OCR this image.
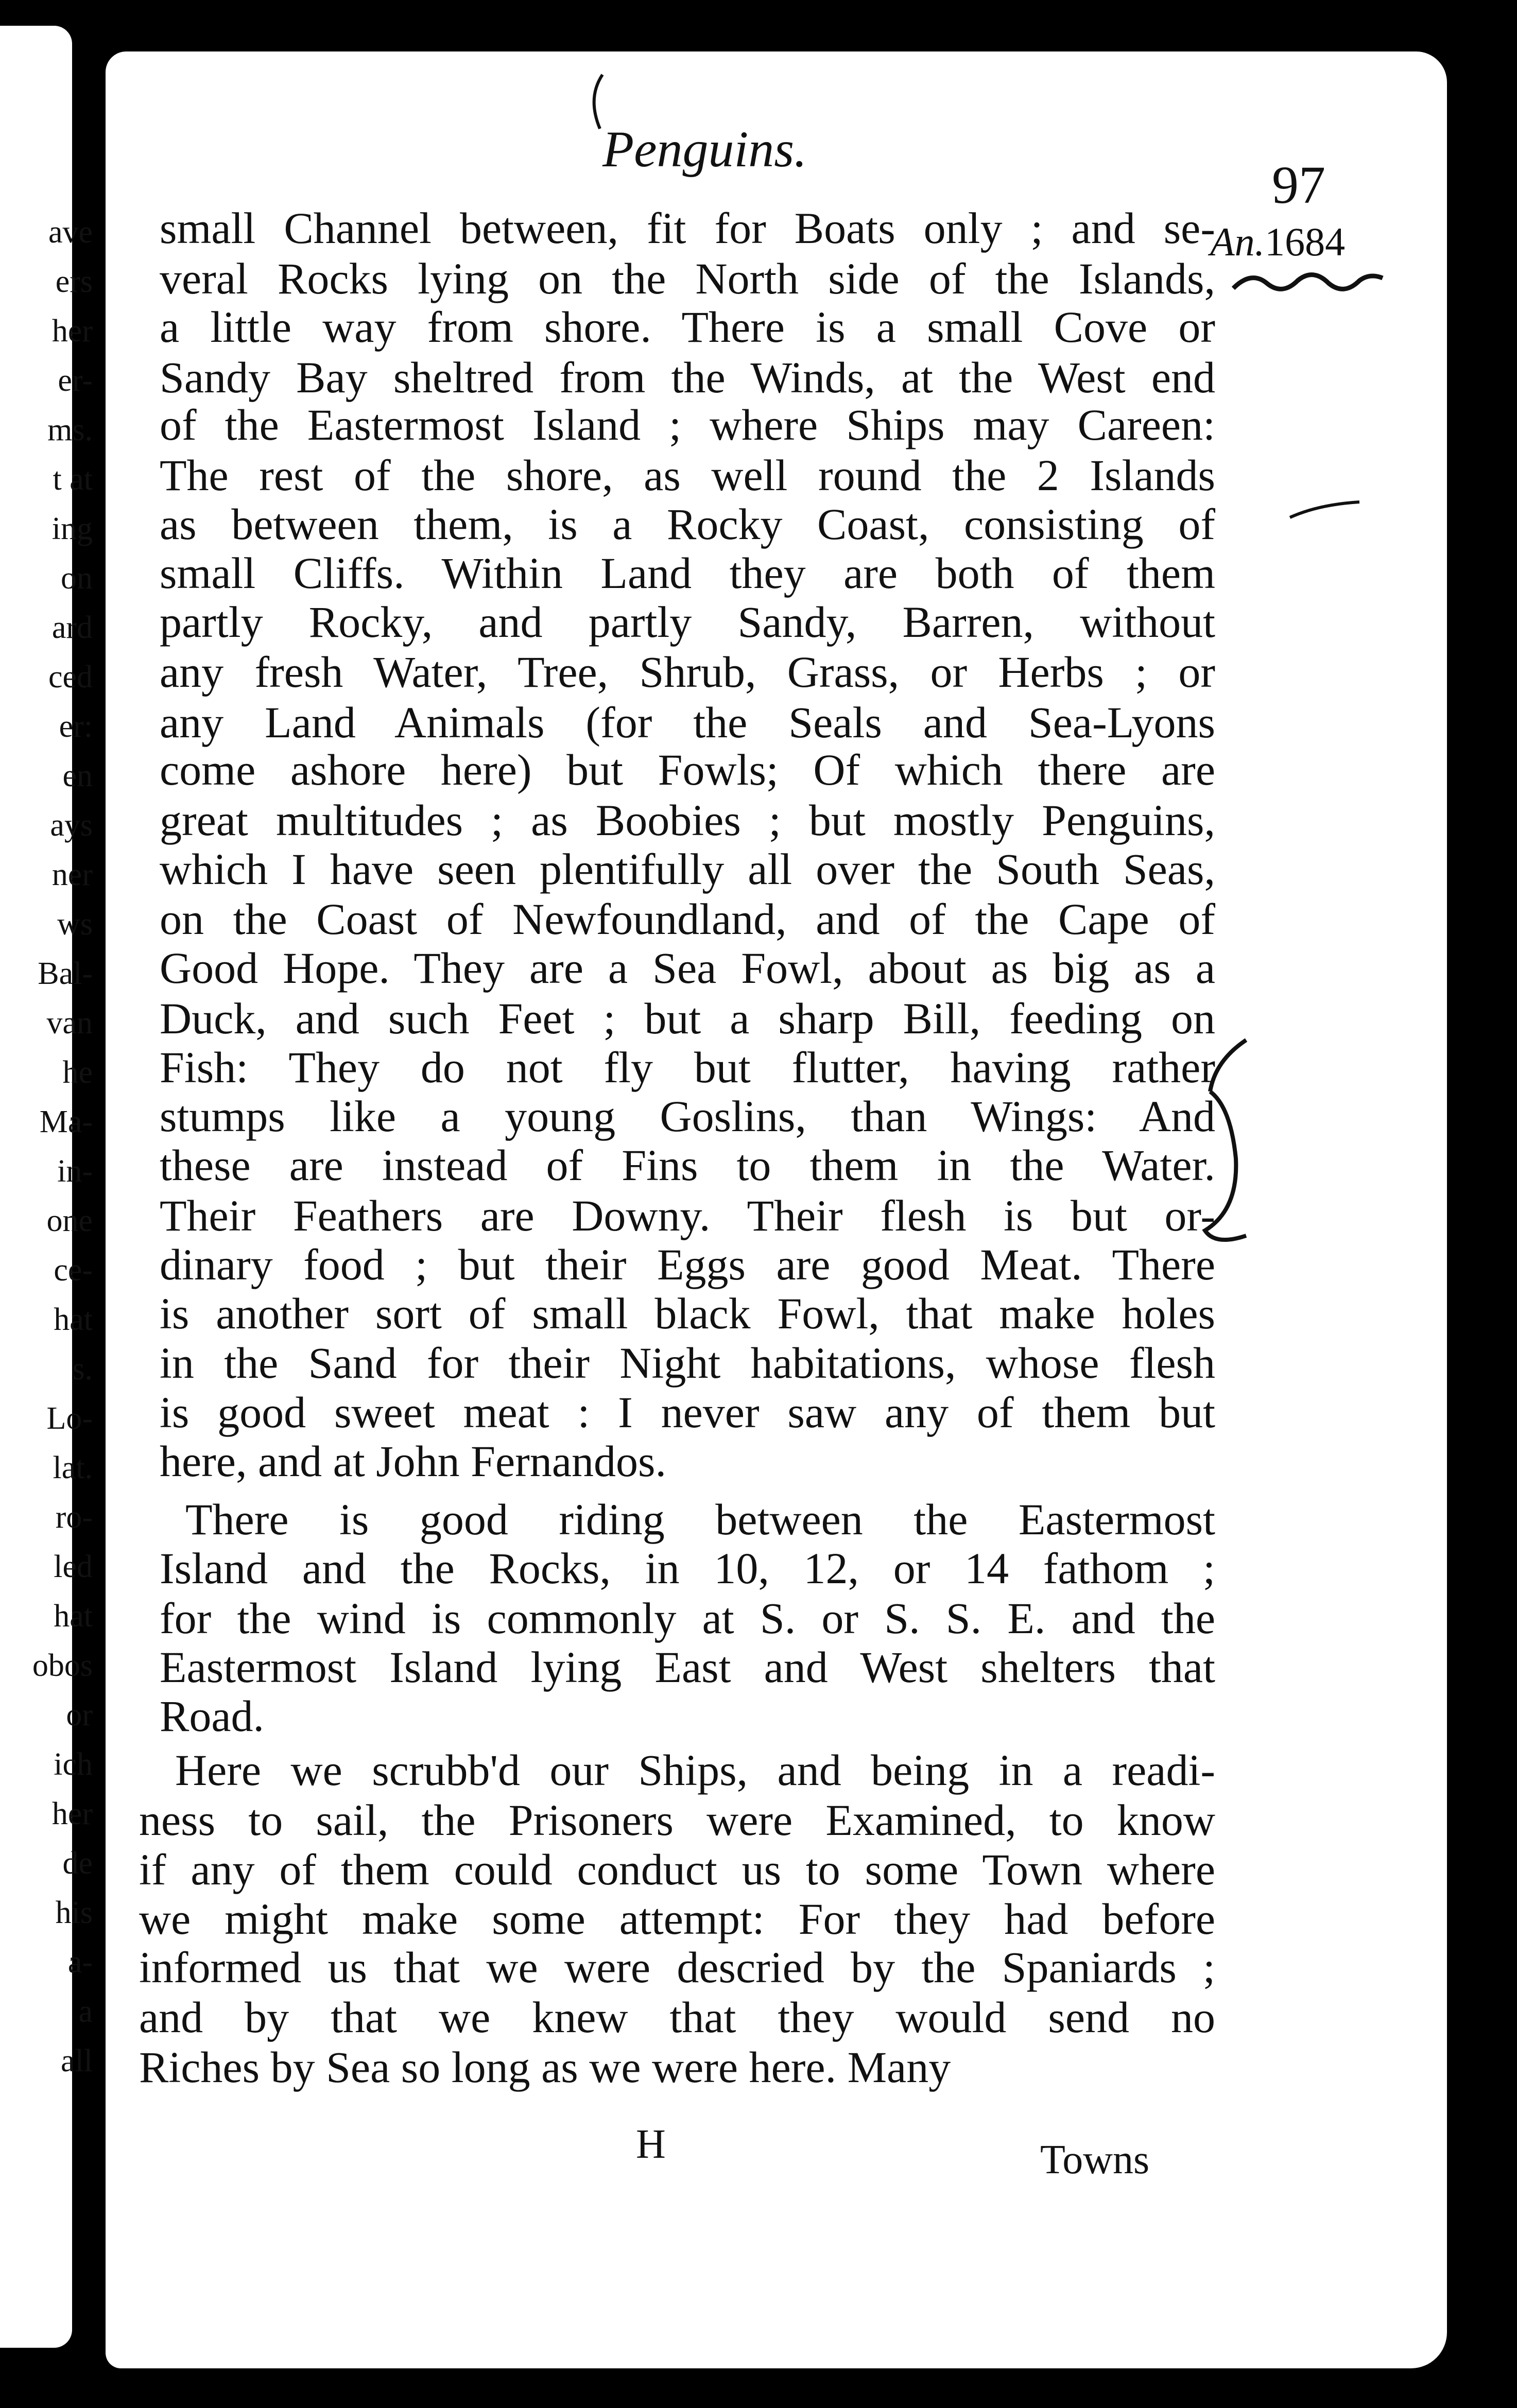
ave
ers
her
er-
ms.
t at
ing
on
ard
ced
er:
en
ays
ner
ws
Bal-
van
he
Ma-
in-
one
ce-
hat
s.
Lo-
lat.
ro-
led
hat
obos
or
ich
her
de
his
a-
a
all
Penguins.
97
An.1684
small Channel between, fit for Boats only ; and se-
veral Rocks lying on the North side of the Islands,
a little way from shore. There is a small Cove or
Sandy Bay sheltred from the Winds, at the West end
of the Eastermost Island ; where Ships may Careen:
The rest of the shore, as well round the 2 Islands
as between them, is a Rocky Coast, consisting of
small Cliffs. Within Land they are both of them
partly Rocky, and partly Sandy, Barren, without
any fresh Water, Tree, Shrub, Grass, or Herbs ; or
any Land Animals (for the Seals and Sea-Lyons
come ashore here) but Fowls; Of which there are
great multitudes ; as Boobies ; but mostly Penguins,
which I have seen plentifully all over the South Seas,
on the Coast of Newfoundland, and of the Cape of
Good Hope. They are a Sea Fowl, about as big as a
Duck, and such Feet ; but a sharp Bill, feeding on
Fish: They do not fly but flutter, having rather
stumps like a young Goslins, than Wings: And
these are instead of Fins to them in the Water.
Their Feathers are Downy. Their flesh is but or-
dinary food ; but their Eggs are good Meat. There
is another sort of small black Fowl, that make holes
in the Sand for their Night habitations, whose flesh
is good sweet meat : I never saw any of them but
here, and at John Fernandos.
There is good riding between the Eastermost
Island and the Rocks, in 10, 12, or 14 fathom ;
for the wind is commonly at S. or S. S. E. and the
Eastermost Island lying East and West shelters that
Road.
Here we scrubb'd our Ships, and being in a readi-
ness to sail, the Prisoners were Examined, to know
if any of them could conduct us to some Town where
we might make some attempt: For they had before
informed us that we were descried by the Spaniards ;
and by that we knew that they would send no
Riches by Sea so long as we were here. Many
H	Towns
